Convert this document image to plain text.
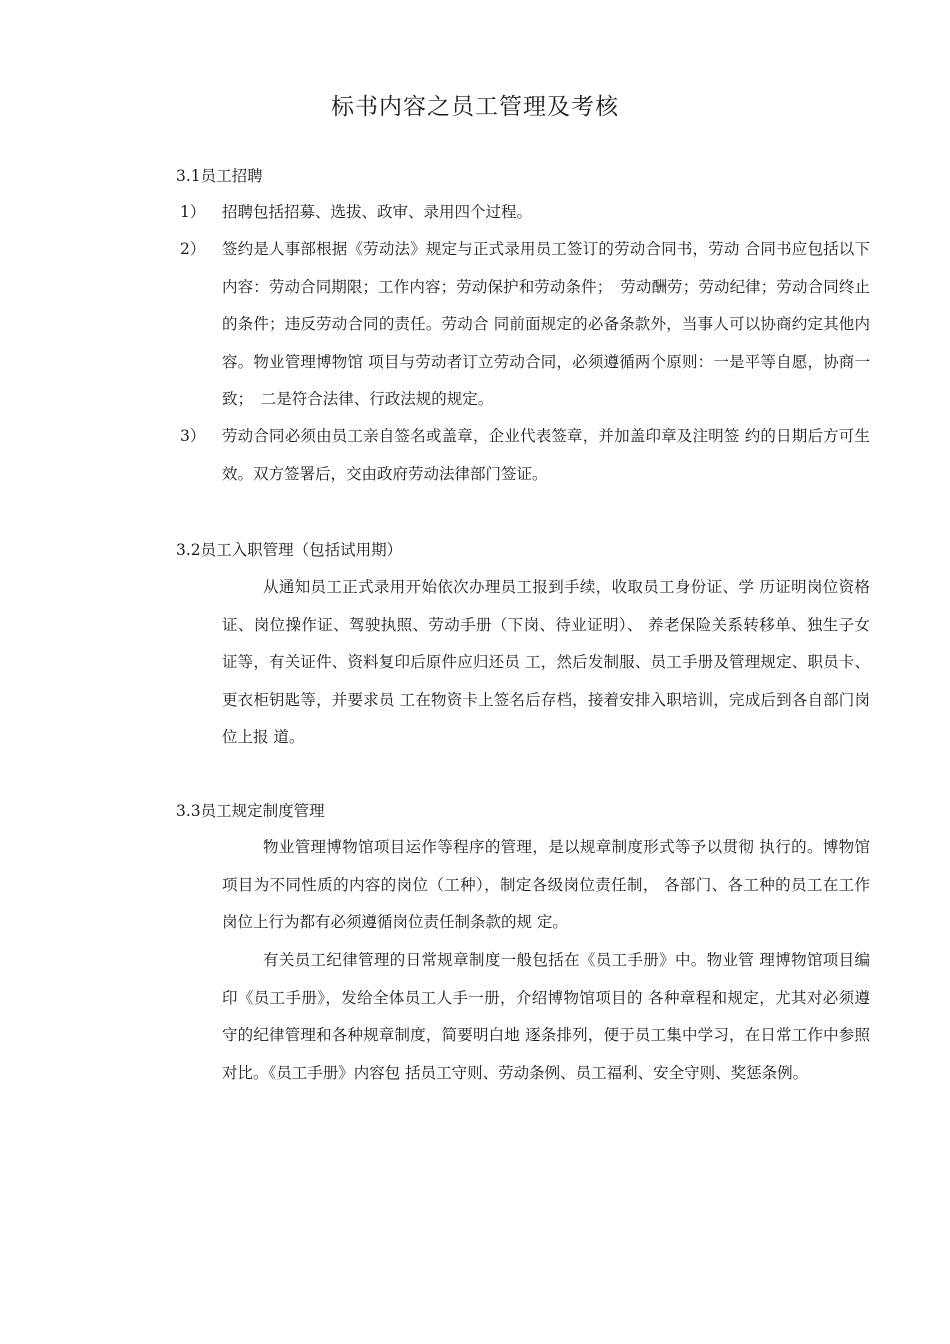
标书内容之员工管理及考核
3.1员工招聘
1） 招聘包括招募、选拔、政审、录用四个过程。
2） 签约是人事部根据《劳动法》规定与正式录用员工签订的劳动合同书，劳动 合同书应包括以下内容：劳动合同期限；工作内容；劳动保护和劳动条件；　劳动酬劳；劳动纪律；劳动合同终止的条件；违反劳动合同的责任。劳动合 同前面规定的必备条款外，当事人可以协商约定其他内容。物业管理博物馆 项目与劳动者订立劳动合同，必须遵循两个原则：一是平等自愿，协商一致；　二是符合法律、行政法规的规定。
3） 劳动合同必须由员工亲自签名或盖章，企业代表签章，并加盖印章及注明签 约的日期后方可生效。双方签署后，交由政府劳动法律部门签证。
3.2员工入职管理（包括试用期）

从通知员工正式录用开始依次办理员工报到手续，收取员工身份证、学 历证明岗位资格证、岗位操作证、驾驶执照、劳动手册（下岗、待业证明）、 养老保险关系转移单、独生子女证等，有关证件、资料复印后原件应归还员 工，然后发制服、员工手册及管理规定、职员卡、更衣柜钥匙等，并要求员 工在物资卡上签名后存档，接着安排入职培训，完成后到各自部门岗位上报 道。

3.3员工规定制度管理

物业管理博物馆项目运作等程序的管理，是以规章制度形式等予以贯彻 执行的。博物馆项目为不同性质的内容的岗位（工种），制定各级岗位责任制， 各部门、各工种的员工在工作岗位上行为都有必须遵循岗位责任制条款的规 定。

有关员工纪律管理的日常规章制度一般包括在《员工手册》中。物业管 理博物馆项目编印《员工手册》，发给全体员工人手一册，介绍博物馆项目的 各种章程和规定，尤其对必须遵守的纪律管理和各种规章制度，简要明白地 逐条排列，便于员工集中学习，在日常工作中参照对比。《员工手册》内容包 括员工守则、劳动条例、员工福利、安全守则、奖惩条例。
